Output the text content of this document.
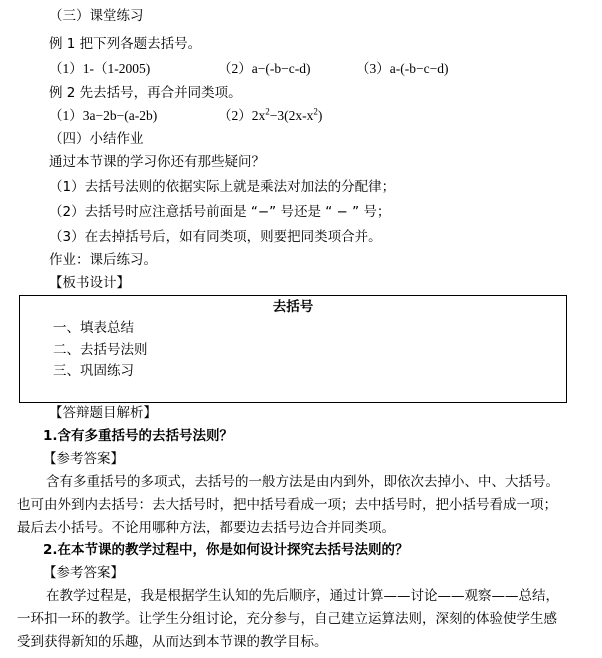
（三）课堂练习
例 1 把下列各题去括号。
（1）1-（1-2005)	（2）a−(-b−c-d)	（3）a-(-b−c−d)
例 2 先去括号，再合并同类项。
（1）3a−2b−(a-2b)	$(2)2x^2-3(2x-x^2)$
（四）小结作业
通过本节课的学习你还有那些疑问？
（1）去括号法则的依据实际上就是乘法对加法的分配律；
（2）去括号时应注意括号前面是 “−” 号还是 “ − ” 号；
（3）在去掉括号后，如有同类项，则要把同类项合并。
作业：课后练习。
【板书设计】
去括号
一、填表总结
二、去括号法则
三、巩固练习
【答辩题目解析】
1.含有多重括号的去括号法则？
【参考答案】
含有多重括号的多项式，去括号的一般方法是由内到外，即依次去掉小、中、大括号。
也可由外到内去括号：去大括号时，把中括号看成一项；去中括号时，把小括号看成一项；
最后去小括号。不论用哪种方法，都要边去括号边合并同类项。
2.在本节课的教学过程中，你是如何设计探究去括号法则的？
【参考答案】
在教学过程是，我是根据学生认知的先后顺序，通过计算——讨论——观察——总结，
一环扣一环的教学。让学生分组讨论，充分参与，自己建立运算法则，深刻的体验使学生感
受到获得新知的乐趣，从而达到本节课的教学目标。
